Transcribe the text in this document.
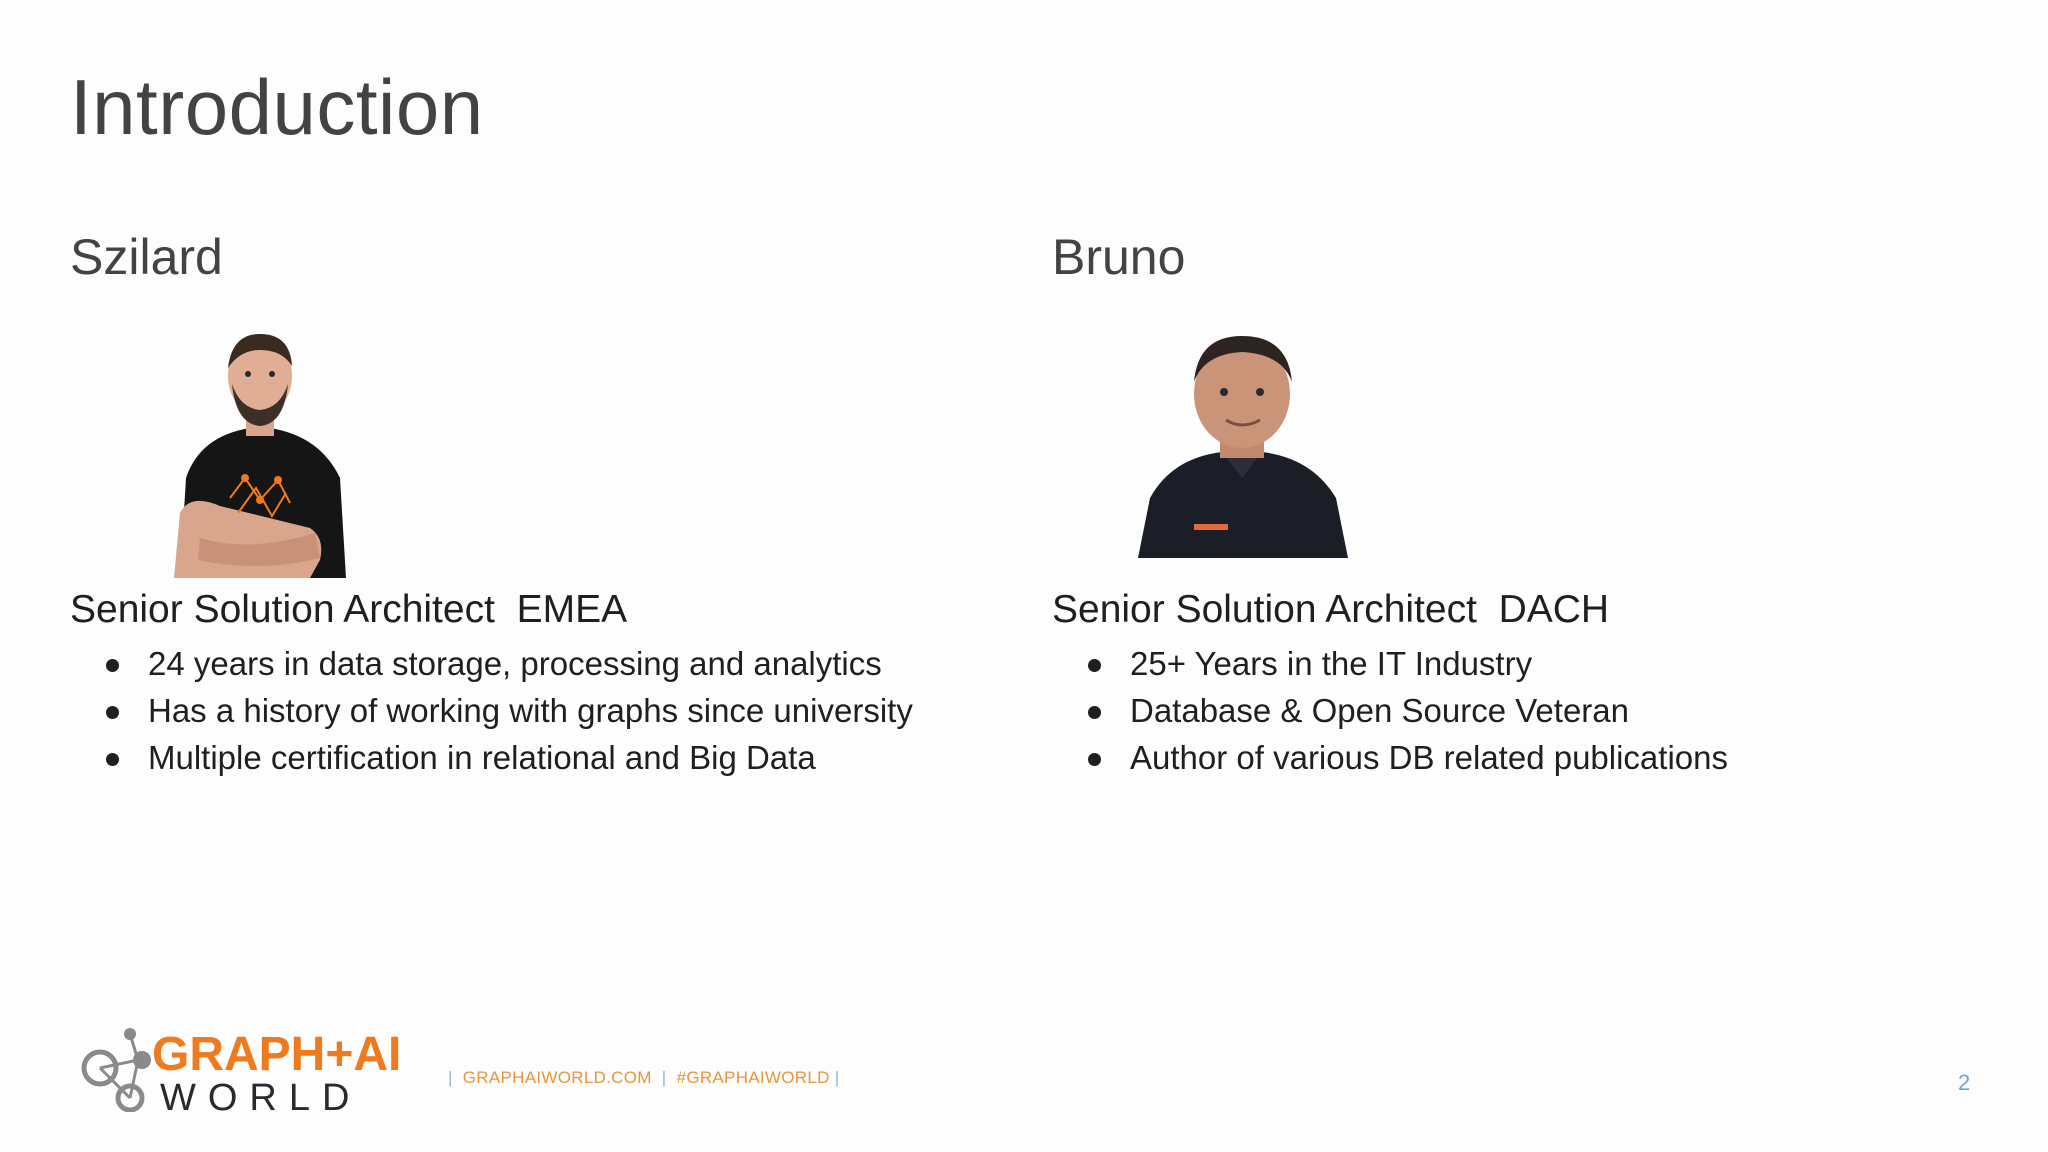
Introduction
Szilard
Senior Solution Architect  EMEA
24 years in data storage, processing and analytics
Has a history of working with graphs since university
Multiple certification in relational and Big Data
Bruno
Senior Solution Architect  DACH
25+ Years in the IT Industry
Database & Open Source Veteran
Author of various DB related publications
GRAPH+AI
WORLD	| GRAPHAIWORLD.COM | #GRAPHAIWORLD |	2
